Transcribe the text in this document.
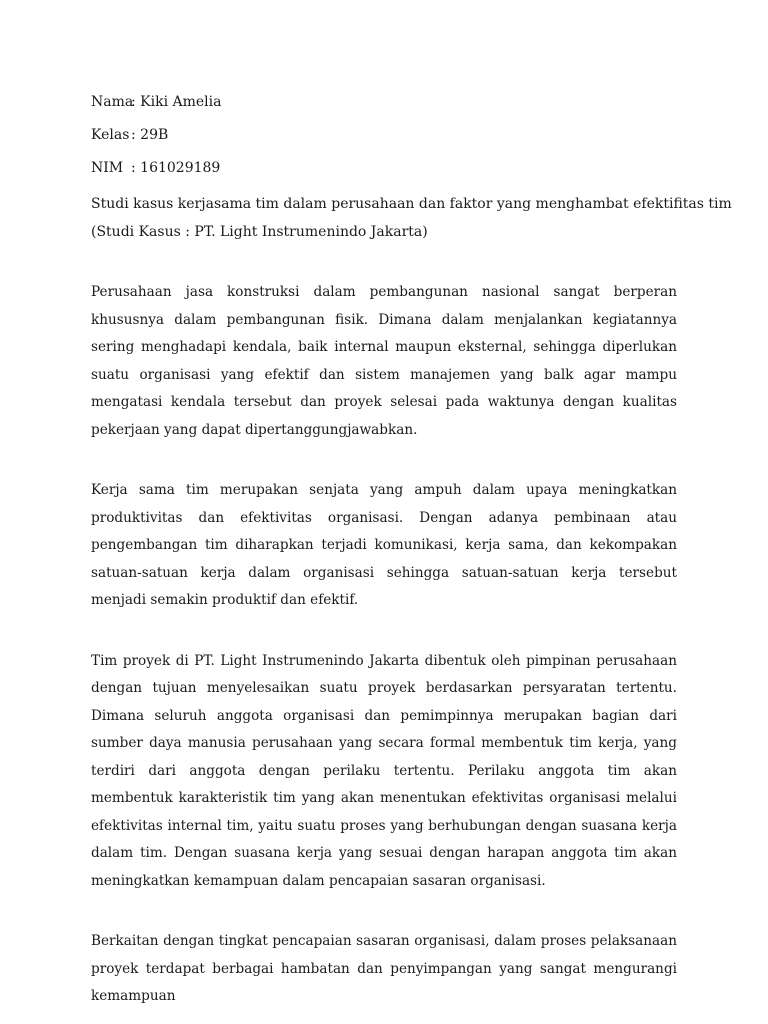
Nama: Kiki Amelia
Kelas : 29B
NIM : 161029189
Studi kasus kerjasama tim dalam perusahaan dan faktor yang menghambat efektifitas tim
(Studi Kasus : PT. Light Instrumenindo Jakarta)

Perusahaan jasa konstruksi dalam pembangunan nasional sangat berperan khususnya dalam pembangunan fisik. Dimana dalam menjalankan kegiatannya sering menghadapi kendala, baik internal maupun eksternal, sehingga diperlukan suatu organisasi yang efektif dan sistem manajemen yang balk agar mampu mengatasi kendala tersebut dan proyek selesai pada waktunya dengan kualitas pekerjaan yang dapat dipertanggungjawabkan.

Kerja sama tim merupakan senjata yang ampuh dalam upaya meningkatkan produktivitas dan efektivitas organisasi. Dengan adanya pembinaan atau pengembangan tim diharapkan terjadi komunikasi, kerja sama, dan kekompakan satuan-satuan kerja dalam organisasi sehingga satuan-satuan kerja tersebut menjadi semakin produktif dan efektif.

Tim proyek di PT. Light Instrumenindo Jakarta dibentuk oleh pimpinan perusahaan dengan tujuan menyelesaikan suatu proyek berdasarkan persyaratan tertentu. Dimana seluruh anggota organisasi dan pemimpinnya merupakan bagian dari sumber daya manusia perusahaan yang secara formal membentuk tim kerja, yang terdiri dari anggota dengan perilaku tertentu. Perilaku anggota tim akan membentuk karakteristik tim yang akan menentukan efektivitas organisasi melalui efektivitas internal tim, yaitu suatu proses yang berhubungan dengan suasana kerja dalam tim. Dengan suasana kerja yang sesuai dengan harapan anggota tim akan meningkatkan kemampuan dalam pencapaian sasaran organisasi.

Berkaitan dengan tingkat pencapaian sasaran organisasi, dalam proses pelaksanaan proyek terdapat berbagai hambatan dan penyimpangan yang sangat mengurangi kemampuan
